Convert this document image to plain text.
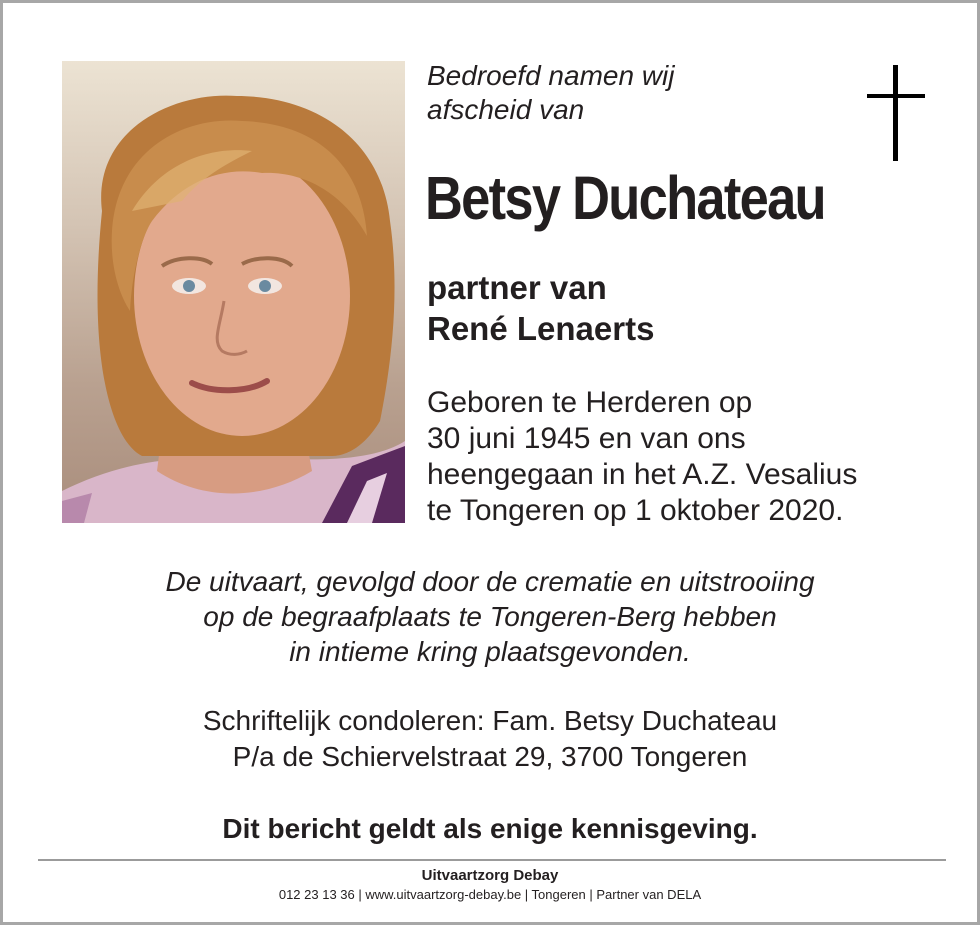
Bedroefd namen wij
afscheid van
Betsy Duchateau
partner van
René Lenaerts
Geboren te Herderen op
30 juni 1945 en van ons
heengegaan in het A.Z. Vesalius
te Tongeren op 1 oktober 2020.
De uitvaart, gevolgd door de crematie en uitstrooiing
op de begraafplaats te Tongeren-Berg hebben
in intieme kring plaatsgevonden.
Schriftelijk condoleren: Fam. Betsy Duchateau
P/a de Schiervelstraat 29, 3700 Tongeren
Dit bericht geldt als enige kennisgeving.
Uitvaartzorg Debay
012 23 13 36 | www.uitvaartzorg-debay.be | Tongeren | Partner van DELA
